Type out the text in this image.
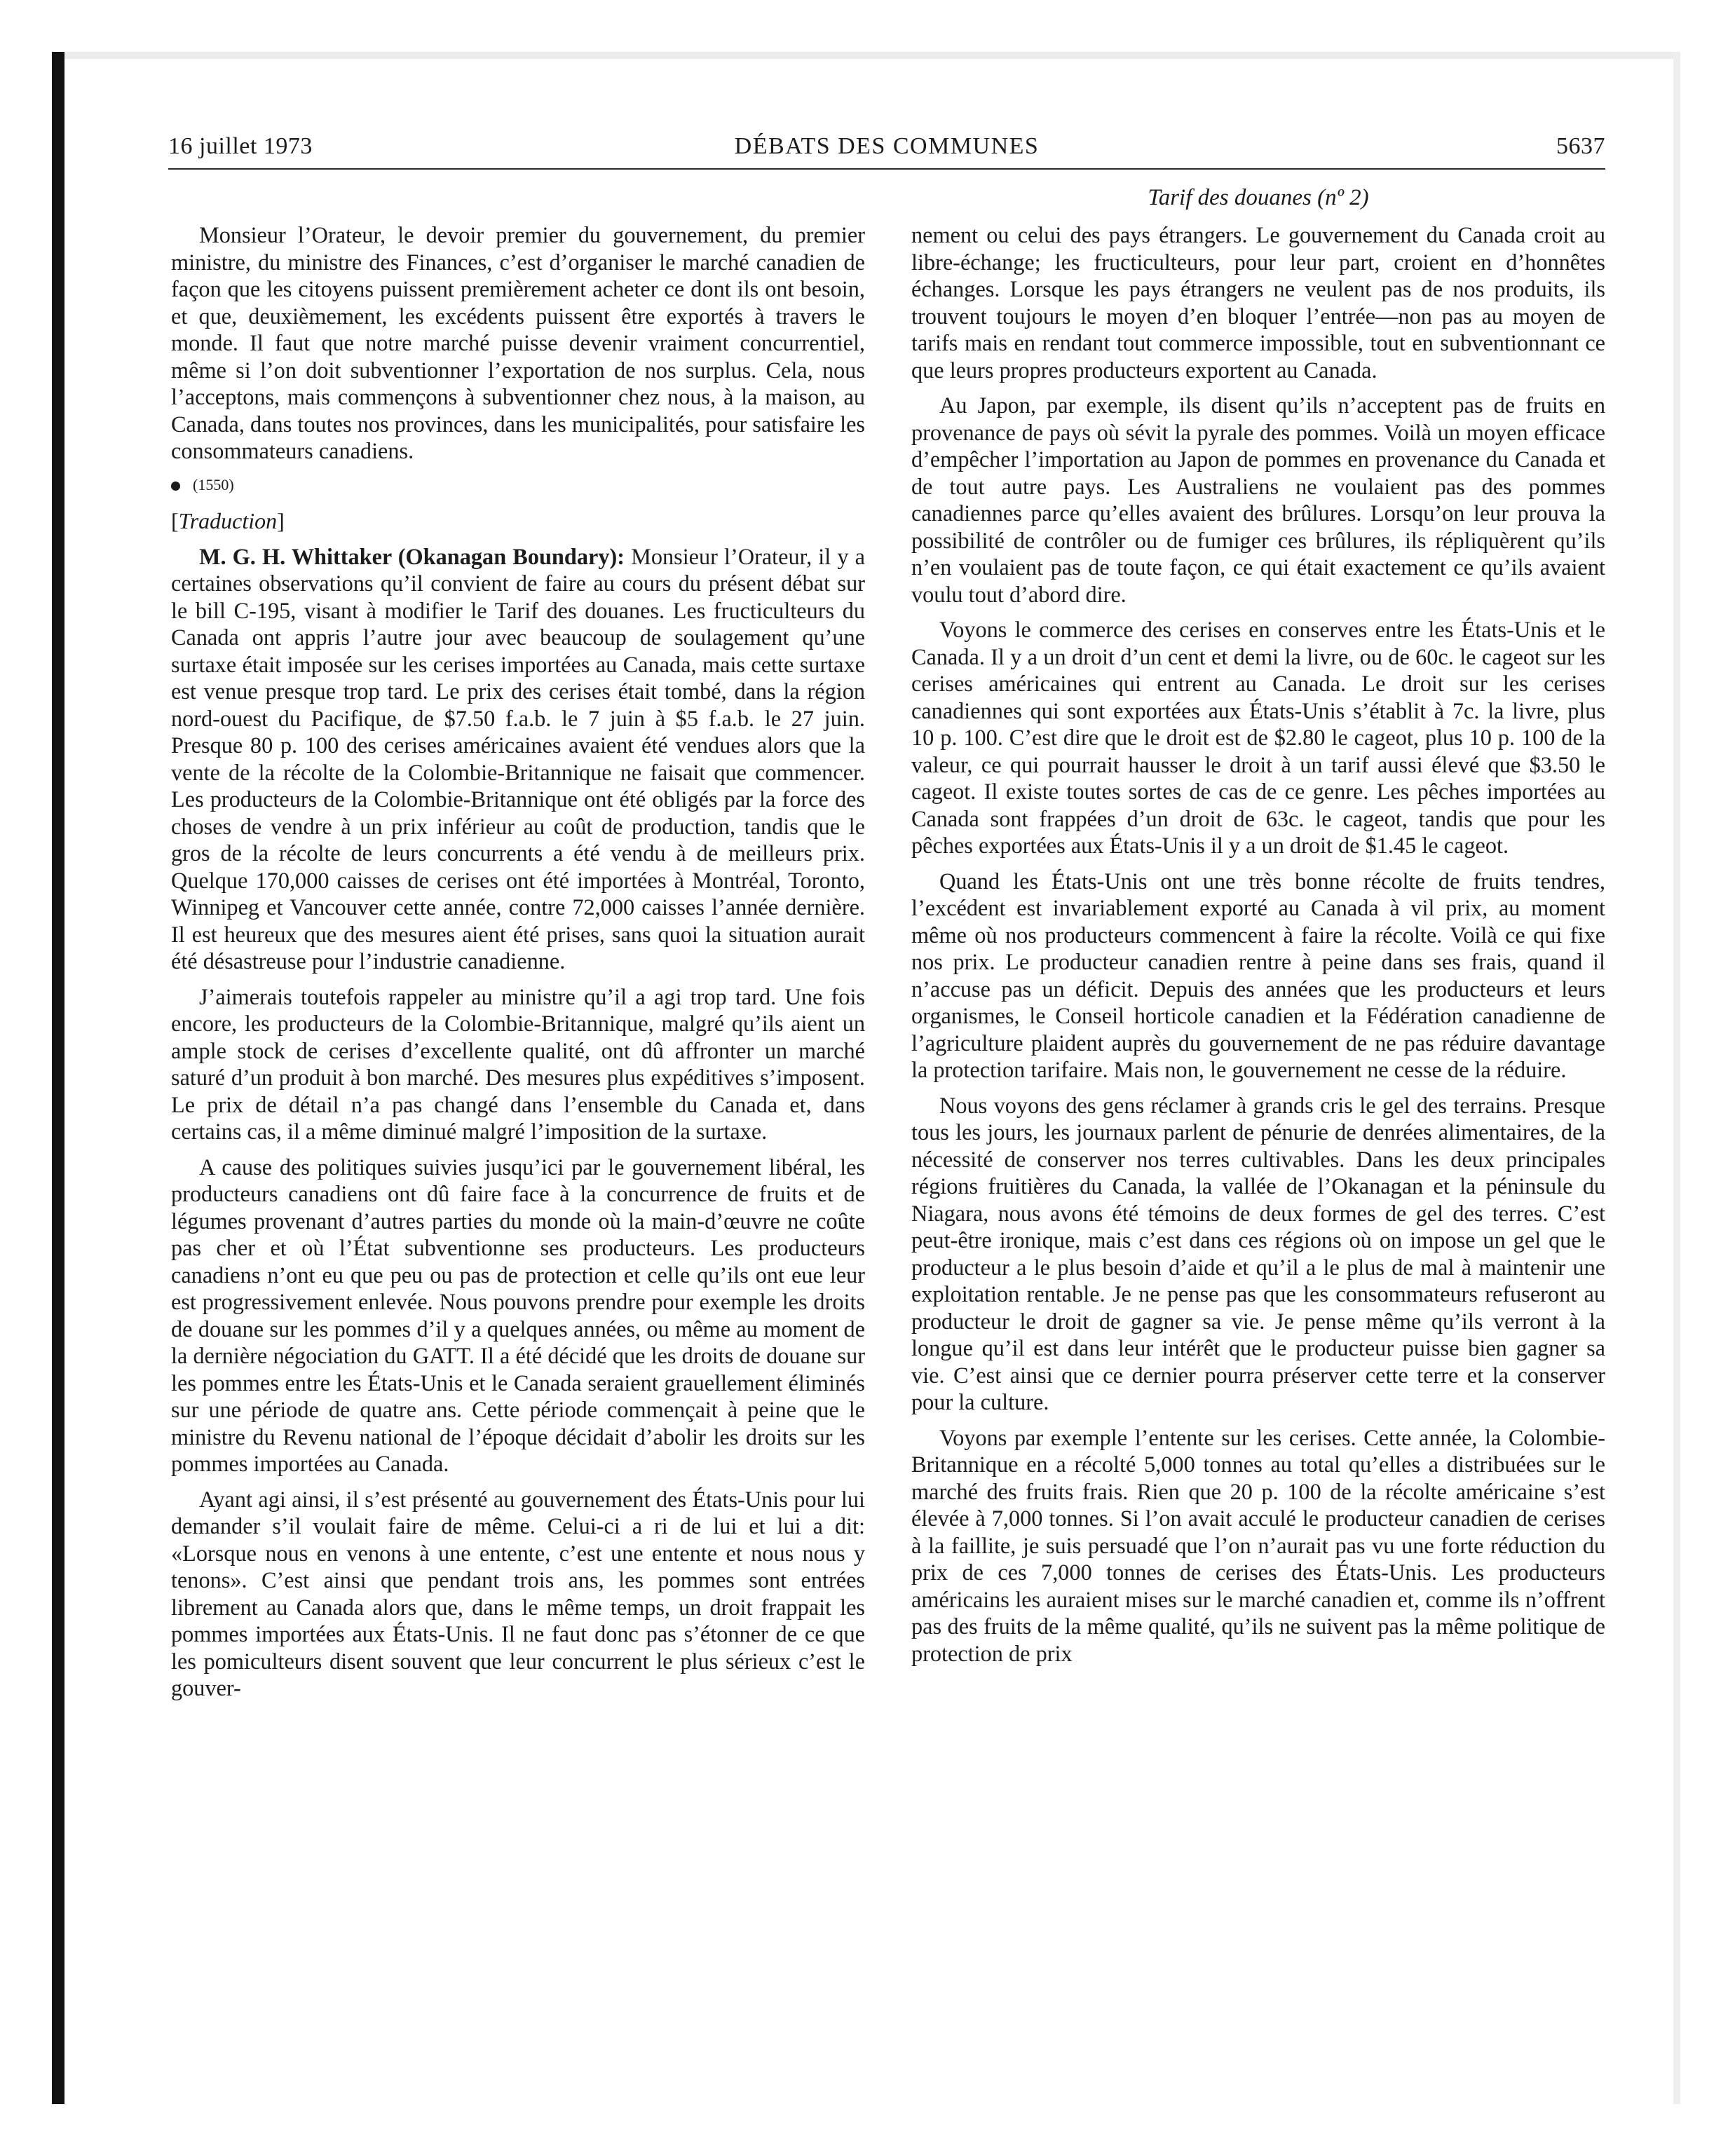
16 juillet 1973	DÉBATS DES COMMUNES	5637
Tarif des douanes (nº 2)

Monsieur l’Orateur, le devoir premier du gouvernement, du premier ministre, du ministre des Finances, c’est d’organiser le marché canadien de façon que les citoyens puissent premièrement acheter ce dont ils ont besoin, et que, deuxièmement, les excédents puissent être exportés à travers le monde. Il faut que notre marché puisse devenir vraiment concurrentiel, même si l’on doit subventionner l’exportation de nos surplus. Cela, nous l’acceptons, mais commençons à subventionner chez nous, à la maison, au Canada, dans toutes nos provinces, dans les municipalités, pour satisfaire les consommateurs canadiens.

(1550)

[Traduction]

M. G. H. Whittaker (Okanagan Boundary): Monsieur l’Orateur, il y a certaines observations qu’il convient de faire au cours du présent débat sur le bill C-195, visant à modifier le Tarif des douanes. Les fructiculteurs du Canada ont appris l’autre jour avec beaucoup de soulagement qu’une surtaxe était imposée sur les cerises importées au Canada, mais cette surtaxe est venue presque trop tard. Le prix des cerises était tombé, dans la région nord-ouest du Pacifique, de $7.50 f.a.b. le 7 juin à $5 f.a.b. le 27 juin. Presque 80 p. 100 des cerises américaines avaient été vendues alors que la vente de la récolte de la Colombie-Britannique ne faisait que commencer. Les producteurs de la Colombie-Britannique ont été obligés par la force des choses de vendre à un prix inférieur au coût de production, tandis que le gros de la récolte de leurs concurrents a été vendu à de meilleurs prix. Quelque 170,000 caisses de cerises ont été importées à Montréal, Toronto, Winnipeg et Vancouver cette année, contre 72,000 caisses l’année dernière. Il est heureux que des mesures aient été prises, sans quoi la situation aurait été désastreuse pour l’industrie canadienne.

J’aimerais toutefois rappeler au ministre qu’il a agi trop tard. Une fois encore, les producteurs de la Colombie-Britannique, malgré qu’ils aient un ample stock de cerises d’excellente qualité, ont dû affronter un marché saturé d’un produit à bon marché. Des mesures plus expéditives s’imposent. Le prix de détail n’a pas changé dans l’ensemble du Canada et, dans certains cas, il a même diminué malgré l’imposition de la surtaxe.

A cause des politiques suivies jusqu’ici par le gouvernement libéral, les producteurs canadiens ont dû faire face à la concurrence de fruits et de légumes provenant d’autres parties du monde où la main-d’œuvre ne coûte pas cher et où l’État subventionne ses producteurs. Les producteurs canadiens n’ont eu que peu ou pas de protection et celle qu’ils ont eue leur est progressivement enlevée. Nous pouvons prendre pour exemple les droits de douane sur les pommes d’il y a quelques années, ou même au moment de la dernière négociation du GATT. Il a été décidé que les droits de douane sur les pommes entre les États-Unis et le Canada seraient grauellement éliminés sur une période de quatre ans. Cette période commençait à peine que le ministre du Revenu national de l’époque décidait d’abolir les droits sur les pommes importées au Canada.

Ayant agi ainsi, il s’est présenté au gouvernement des États-Unis pour lui demander s’il voulait faire de même. Celui-ci a ri de lui et lui a dit: «Lorsque nous en venons à une entente, c’est une entente et nous nous y tenons». C’est ainsi que pendant trois ans, les pommes sont entrées librement au Canada alors que, dans le même temps, un droit frappait les pommes importées aux États-Unis. Il ne faut donc pas s’étonner de ce que les pomiculteurs disent souvent que leur concurrent le plus sérieux c’est le gouver-

nement ou celui des pays étrangers. Le gouvernement du Canada croit au libre-échange; les fructiculteurs, pour leur part, croient en d’honnêtes échanges. Lorsque les pays étrangers ne veulent pas de nos produits, ils trouvent toujours le moyen d’en bloquer l’entrée—non pas au moyen de tarifs mais en rendant tout commerce impossible, tout en subventionnant ce que leurs propres producteurs exportent au Canada.

Au Japon, par exemple, ils disent qu’ils n’acceptent pas de fruits en provenance de pays où sévit la pyrale des pommes. Voilà un moyen efficace d’empêcher l’importation au Japon de pommes en provenance du Canada et de tout autre pays. Les Australiens ne voulaient pas des pommes canadiennes parce qu’elles avaient des brûlures. Lorsqu’on leur prouva la possibilité de contrôler ou de fumiger ces brûlures, ils répliquèrent qu’ils n’en voulaient pas de toute façon, ce qui était exactement ce qu’ils avaient voulu tout d’abord dire.

Voyons le commerce des cerises en conserves entre les États-Unis et le Canada. Il y a un droit d’un cent et demi la livre, ou de 60c. le cageot sur les cerises américaines qui entrent au Canada. Le droit sur les cerises canadiennes qui sont exportées aux États-Unis s’établit à 7c. la livre, plus 10 p. 100. C’est dire que le droit est de $2.80 le cageot, plus 10 p. 100 de la valeur, ce qui pourrait hausser le droit à un tarif aussi élevé que $3.50 le cageot. Il existe toutes sortes de cas de ce genre. Les pêches importées au Canada sont frappées d’un droit de 63c. le cageot, tandis que pour les pêches exportées aux États-Unis il y a un droit de $1.45 le cageot.

Quand les États-Unis ont une très bonne récolte de fruits tendres, l’excédent est invariablement exporté au Canada à vil prix, au moment même où nos producteurs commencent à faire la récolte. Voilà ce qui fixe nos prix. Le producteur canadien rentre à peine dans ses frais, quand il n’accuse pas un déficit. Depuis des années que les producteurs et leurs organismes, le Conseil horticole canadien et la Fédération canadienne de l’agriculture plaident auprès du gouvernement de ne pas réduire davantage la protection tarifaire. Mais non, le gouvernement ne cesse de la réduire.

Nous voyons des gens réclamer à grands cris le gel des terrains. Presque tous les jours, les journaux parlent de pénurie de denrées alimentaires, de la nécessité de conserver nos terres cultivables. Dans les deux principales régions fruitières du Canada, la vallée de l’Okanagan et la péninsule du Niagara, nous avons été témoins de deux formes de gel des terres. C’est peut-être ironique, mais c’est dans ces régions où on impose un gel que le producteur a le plus besoin d’aide et qu’il a le plus de mal à maintenir une exploitation rentable. Je ne pense pas que les consommateurs refuseront au producteur le droit de gagner sa vie. Je pense même qu’ils verront à la longue qu’il est dans leur intérêt que le producteur puisse bien gagner sa vie. C’est ainsi que ce dernier pourra préserver cette terre et la conserver pour la culture.

Voyons par exemple l’entente sur les cerises. Cette année, la Colombie-Britannique en a récolté 5,000 tonnes au total qu’elles a distribuées sur le marché des fruits frais. Rien que 20 p. 100 de la récolte américaine s’est élevée à 7,000 tonnes. Si l’on avait acculé le producteur canadien de cerises à la faillite, je suis persuadé que l’on n’aurait pas vu une forte réduction du prix de ces 7,000 tonnes de cerises des États-Unis. Les producteurs américains les auraient mises sur le marché canadien et, comme ils n’offrent pas des fruits de la même qualité, qu’ils ne suivent pas la même politique de protection de prix
